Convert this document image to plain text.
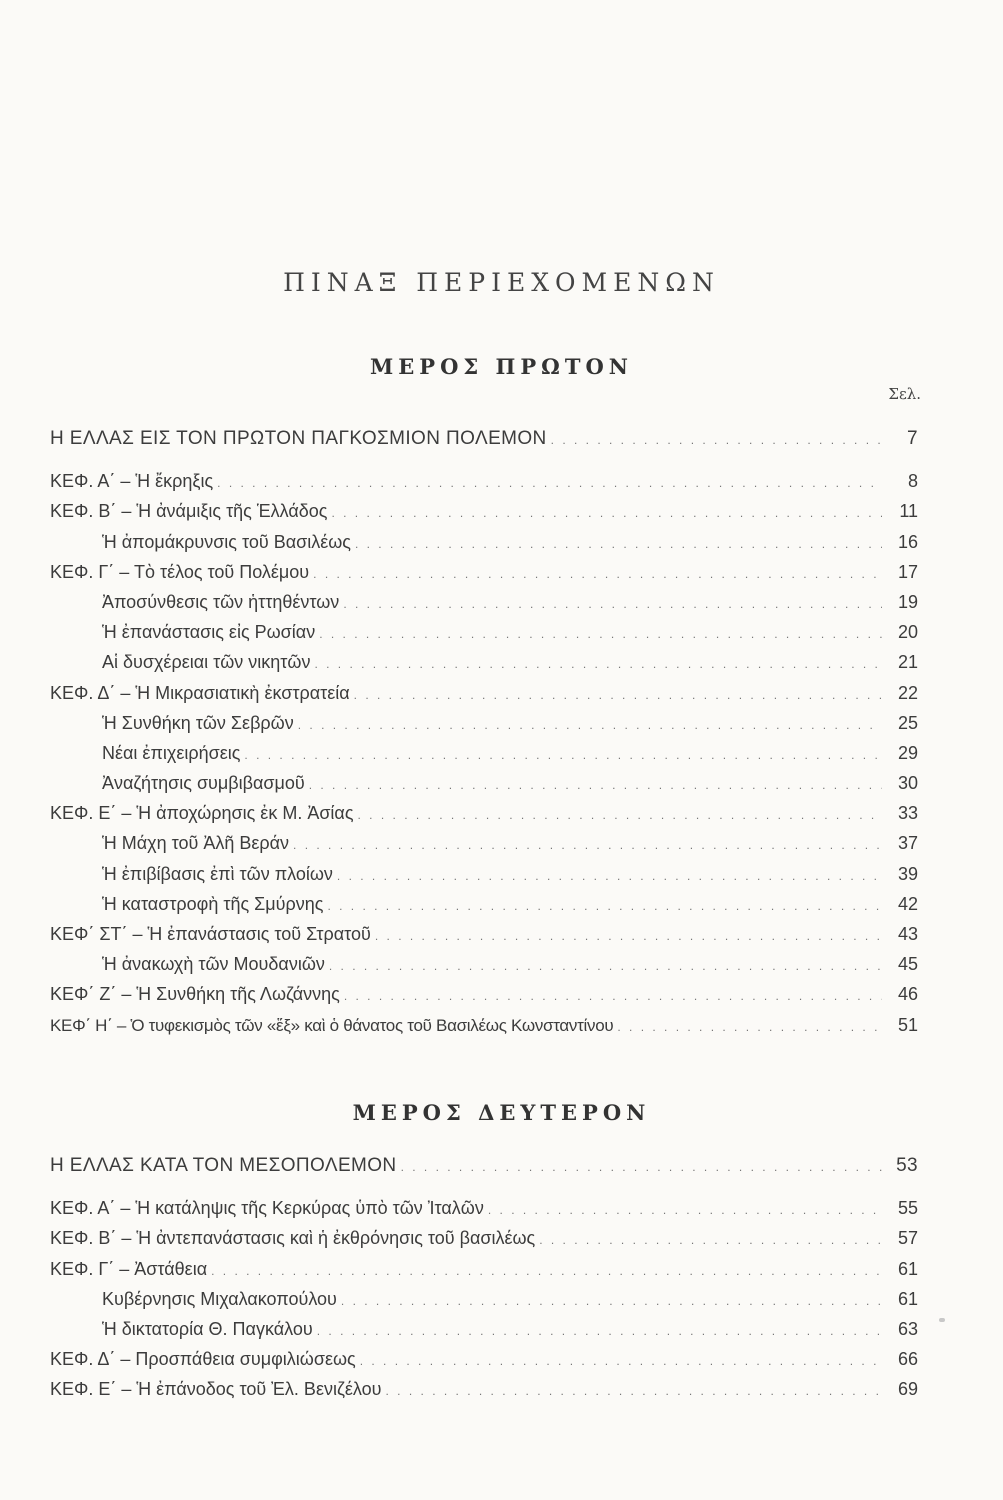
ΠΙΝΑΞ ΠΕΡΙΕΧΟΜΕΝΩΝ
ΜΕΡΟΣ ΠΡΩΤΟΝ
Σελ.
Η ΕΛΛΑΣ ΕΙΣ ΤΟΝ ΠΡΩΤΟΝ ΠΑΓΚΟΣΜΙΟΝ ΠΟΛΕΜΟΝ . . .	7
ΚΕΦ. Α΄ – Ἡ ἔκρηξις . . .	8
ΚΕΦ. Β΄ – Ἡ ἀνάμιξις τῆς Ἑλλάδος . . .	11
Ἡ ἀπομάκρυνσις τοῦ Βασιλέως . . .	16
ΚΕΦ. Γ΄ – Τὸ τέλος τοῦ Πολέμου . . .	17
Ἀποσύνθεσις τῶν ἡττηθέντων . . .	19
Ἡ ἐπανάστασις εἰς Ρωσίαν . . .	20
Αἱ δυσχέρειαι τῶν νικητῶν . . .	21
ΚΕΦ. Δ΄ – Ἡ Μικρασιατικὴ ἐκστρατεία . . .	22
Ἡ Συνθήκη τῶν Σεβρῶν . . .	25
Νέαι ἐπιχειρήσεις . . .	29
Ἀναζήτησις συμβιβασμοῦ . . .	30
ΚΕΦ. Ε΄ – Ἡ ἀποχώρησις ἐκ Μ. Ἀσίας . . .	33
Ἡ Μάχη τοῦ Ἀλῆ Βεράν . . .	37
Ἡ ἐπιβίβασις ἐπὶ τῶν πλοίων . . .	39
Ἡ καταστροφὴ τῆς Σμύρνης . . .	42
ΚΕΦ΄ ΣΤ΄ – Ἡ ἐπανάστασις τοῦ Στρατοῦ . . .	43
Ἡ ἀνακωχὴ τῶν Μουδανιῶν . . .	45
ΚΕΦ΄ Ζ΄ – Ἡ Συνθήκη τῆς Λωζάννης . . .	46
ΚΕΦ΄ Η΄ – Ὁ τυφεκισμὸς τῶν «ἕξ» καὶ ὁ θάνατος τοῦ Βασιλέως Κωνσταντίνου . . .	51
ΜΕΡΟΣ ΔΕΥΤΕΡΟΝ
Η ΕΛΛΑΣ ΚΑΤΑ ΤΟΝ ΜΕΣΟΠΟΛΕΜΟΝ . . .	53
ΚΕΦ. Α΄ – Ἡ κατάληψις τῆς Κερκύρας ὑπὸ τῶν Ἰταλῶν . . .	55
ΚΕΦ. Β΄ – Ἡ ἀντεπανάστασις καὶ ἡ ἐκθρόνησις τοῦ βασιλέως . . .	57
ΚΕΦ. Γ΄ – Ἀστάθεια . . .	61
Κυβέρνησις Μιχαλακοπούλου . . .	61
Ἡ δικτατορία Θ. Παγκάλου . . .	63
ΚΕΦ. Δ΄ – Προσπάθεια συμφιλιώσεως . . .	66
ΚΕΦ. Ε΄ – Ἡ ἐπάνοδος τοῦ Ἐλ. Βενιζέλου . . .	69
